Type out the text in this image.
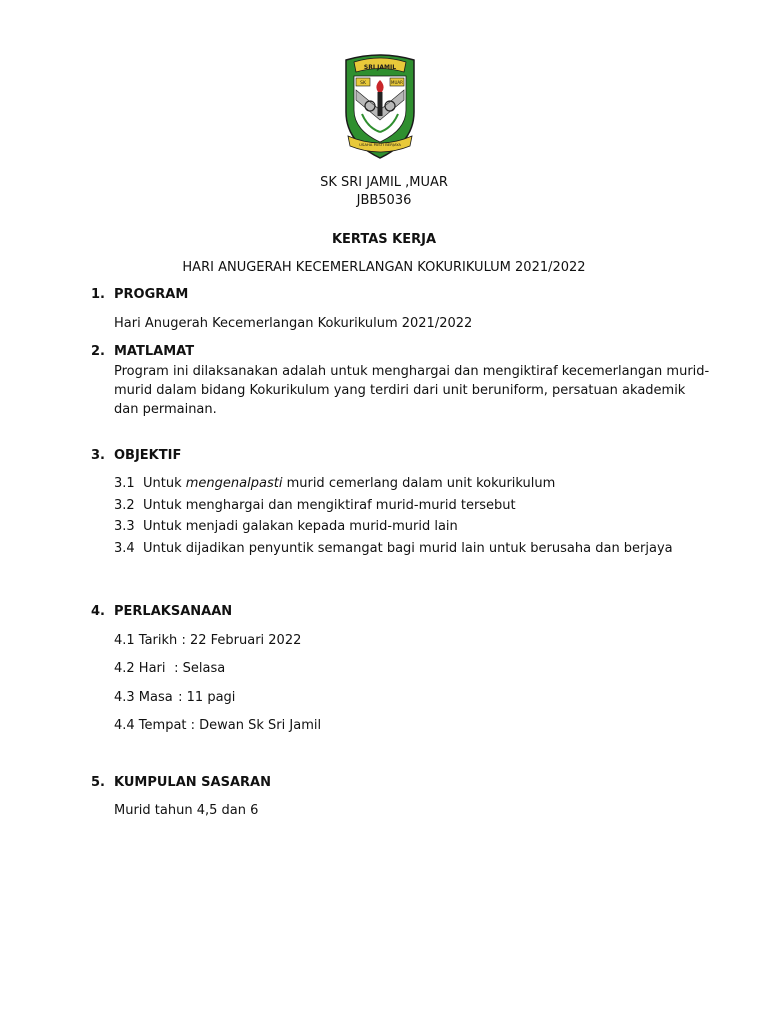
SRI JAMIL
SK	MUAR
USAHA PASTI BERJAYA
SK SRI JAMIL ,MUAR
JBB5036
KERTAS KERJA
HARI ANUGERAH KECEMERLANGAN KOKURIKULUM 2021/2022
1. PROGRAM
Hari Anugerah Kecemerlangan Kokurikulum 2021/2022
2. MATLAMAT
Program ini dilaksanakan adalah untuk menghargai dan mengiktiraf kecemerlangan murid-
murid dalam bidang Kokurikulum yang terdiri dari unit beruniform, persatuan akademik
dan permainan.
3. OBJEKTIF
3.1 Untuk mengenalpasti murid cemerlang dalam unit kokurikulum
3.2 Untuk menghargai dan mengiktiraf murid-murid tersebut
3.3 Untuk menjadi galakan kepada murid-murid lain
3.4 Untuk dijadikan penyuntik semangat bagi murid lain untuk berusaha dan berjaya
4. PERLAKSANAAN
4.1 Tarikh : 22 Februari 2022
4.2 Hari : Selasa
4.3 Masa : 11 pagi
4.4 Tempat : Dewan Sk Sri Jamil
5. KUMPULAN SASARAN
Murid tahun 4,5 dan 6
